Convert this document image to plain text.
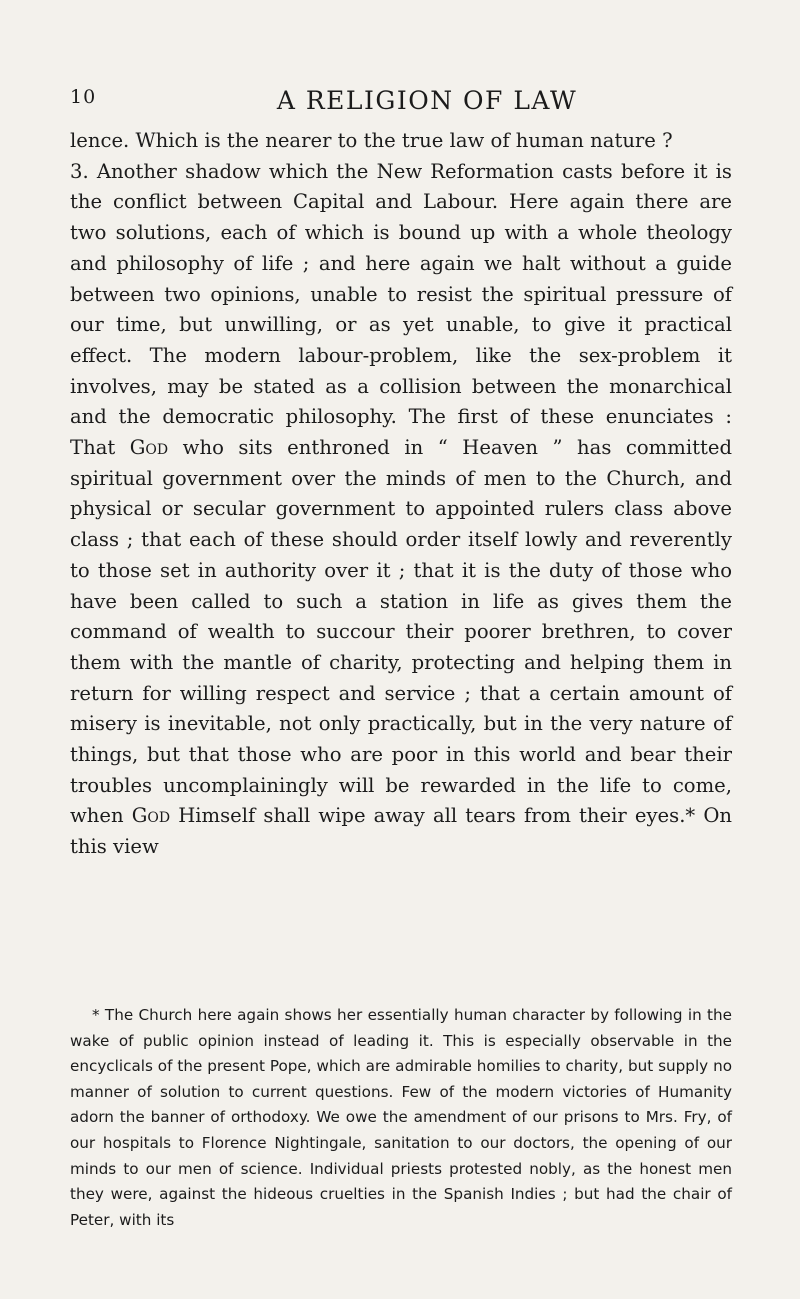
10	A RELIGION OF LAW

lence. Which is the nearer to the true law of human nature ?

3. Another shadow which the New Reformation casts before it is the conflict between Capital and Labour. Here again there are two solutions, each of which is bound up with a whole theology and philosophy of life ; and here again we halt without a guide between two opinions, unable to resist the spiritual pressure of our time, but unwilling, or as yet unable, to give it practical effect. The modern labour-problem, like the sex-problem it involves, may be stated as a collision between the monarchical and the democratic philosophy. The first of these enunciates : That God who sits enthroned in “ Heaven ” has committed spiritual government over the minds of men to the Church, and physical or secular government to appointed rulers class above class ; that each of these should order itself lowly and reverently to those set in authority over it ; that it is the duty of those who have been called to such a station in life as gives them the command of wealth to succour their poorer brethren, to cover them with the mantle of charity, protecting and helping them in return for willing respect and service ; that a certain amount of misery is inevitable, not only practically, but in the very nature of things, but that those who are poor in this world and bear their troubles uncomplainingly will be rewarded in the life to come, when God Himself shall wipe away all tears from their eyes.* On this view

* The Church here again shows her essentially human character by following in the wake of public opinion instead of leading it. This is especially observable in the encyclicals of the present Pope, which are admirable homilies to charity, but supply no manner of solution to current questions. Few of the modern victories of Humanity adorn the banner of orthodoxy. We owe the amendment of our prisons to Mrs. Fry, of our hospitals to Florence Nightingale, sanitation to our doctors, the opening of our minds to our men of science. Individual priests protested nobly, as the honest men they were, against the hideous cruelties in the Spanish Indies ; but had the chair of Peter, with its
